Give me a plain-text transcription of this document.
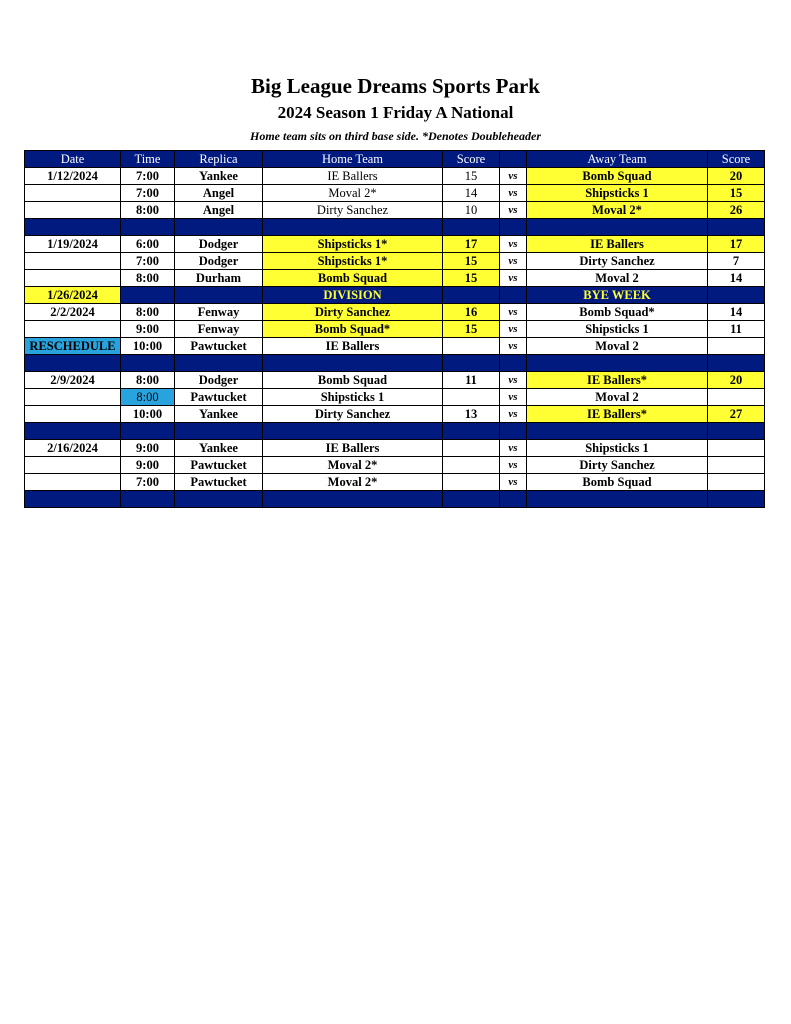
Big League Dreams Sports Park
2024 Season 1 Friday A National
Home team sits on third base side. *Denotes Doubleheader
Date	Time	Replica	Home Team	Score		Away Team	Score
1/12/2024	7:00	Yankee	IE Ballers	15	vs	Bomb Squad	20
	7:00	Angel	Moval 2*	14	vs	Shipsticks 1	15
	8:00	Angel	Dirty Sanchez	10	vs	Moval 2*	26

1/19/2024	6:00	Dodger	Shipsticks 1*	17	vs	IE Ballers	17
	7:00	Dodger	Shipsticks 1*	15	vs	Dirty Sanchez	7
	8:00	Durham	Bomb Squad	15	vs	Moval 2	14
1/26/2024			DIVISION			BYE WEEK	
2/2/2024	8:00	Fenway	Dirty Sanchez	16	vs	Bomb Squad*	14
	9:00	Fenway	Bomb Squad*	15	vs	Shipsticks 1	11
RESCHEDULE	10:00	Pawtucket	IE Ballers		vs	Moval 2	

2/9/2024	8:00	Dodger	Bomb Squad	11	vs	IE Ballers*	20
	8:00	Pawtucket	Shipsticks 1		vs	Moval 2	
	10:00	Yankee	Dirty Sanchez	13	vs	IE Ballers*	27

2/16/2024	9:00	Yankee	IE Ballers		vs	Shipsticks 1	
	9:00	Pawtucket	Moval 2*		vs	Dirty Sanchez	
	7:00	Pawtucket	Moval 2*		vs	Bomb Squad	
